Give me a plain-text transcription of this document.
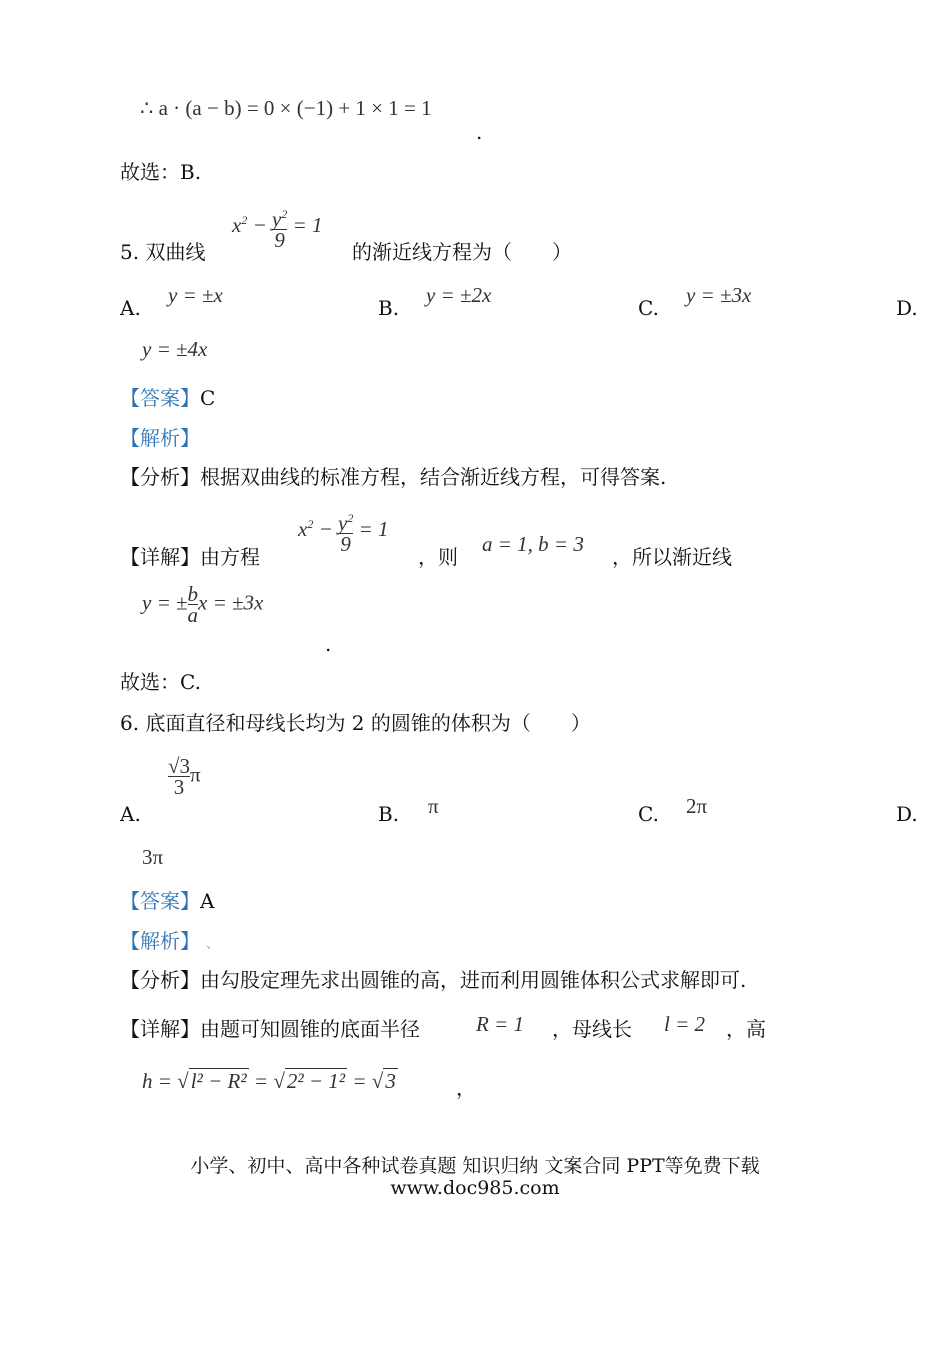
∴ a · (a − b) = 0 × (−1) + 1 × 1 = 1
.
故选：B.
5. 双曲线
$x^2 - \frac{y^2}{9} = 1$
的渐近线方程为（　　）
A.
y = ±x
B.
y = ±2x
C.
y = ±3x
D.
y = ±4x
【答案】C
【解析】
【分析】根据双曲线的标准方程，结合渐近线方程，可得答案.
【详解】由方程
$x^2 - \frac{y^2}{9} = 1$
，则
a = 1, b = 3
，所以渐近线
y = ± $\frac{b}{a}$ x = ±3x
.
故选：C.
6. 底面直径和母线长均为 2 的圆锥的体积为（　　）
A.
$\frac{√3}{3}$ π
B. π	C. 2π	D.
3π
【答案】A
【解析】 、
【分析】由勾股定理先求出圆锥的高，进而利用圆锥体积公式求解即可.
【详解】由题可知圆锥的底面半径	R = 1 ，母线长 l = 2 ，高
h = √l² − R² = √2² − 1² = √3	，
小学、初中、高中各种试卷真题 知识归纳 文案合同 PPT等免费下载
www.doc985.com
